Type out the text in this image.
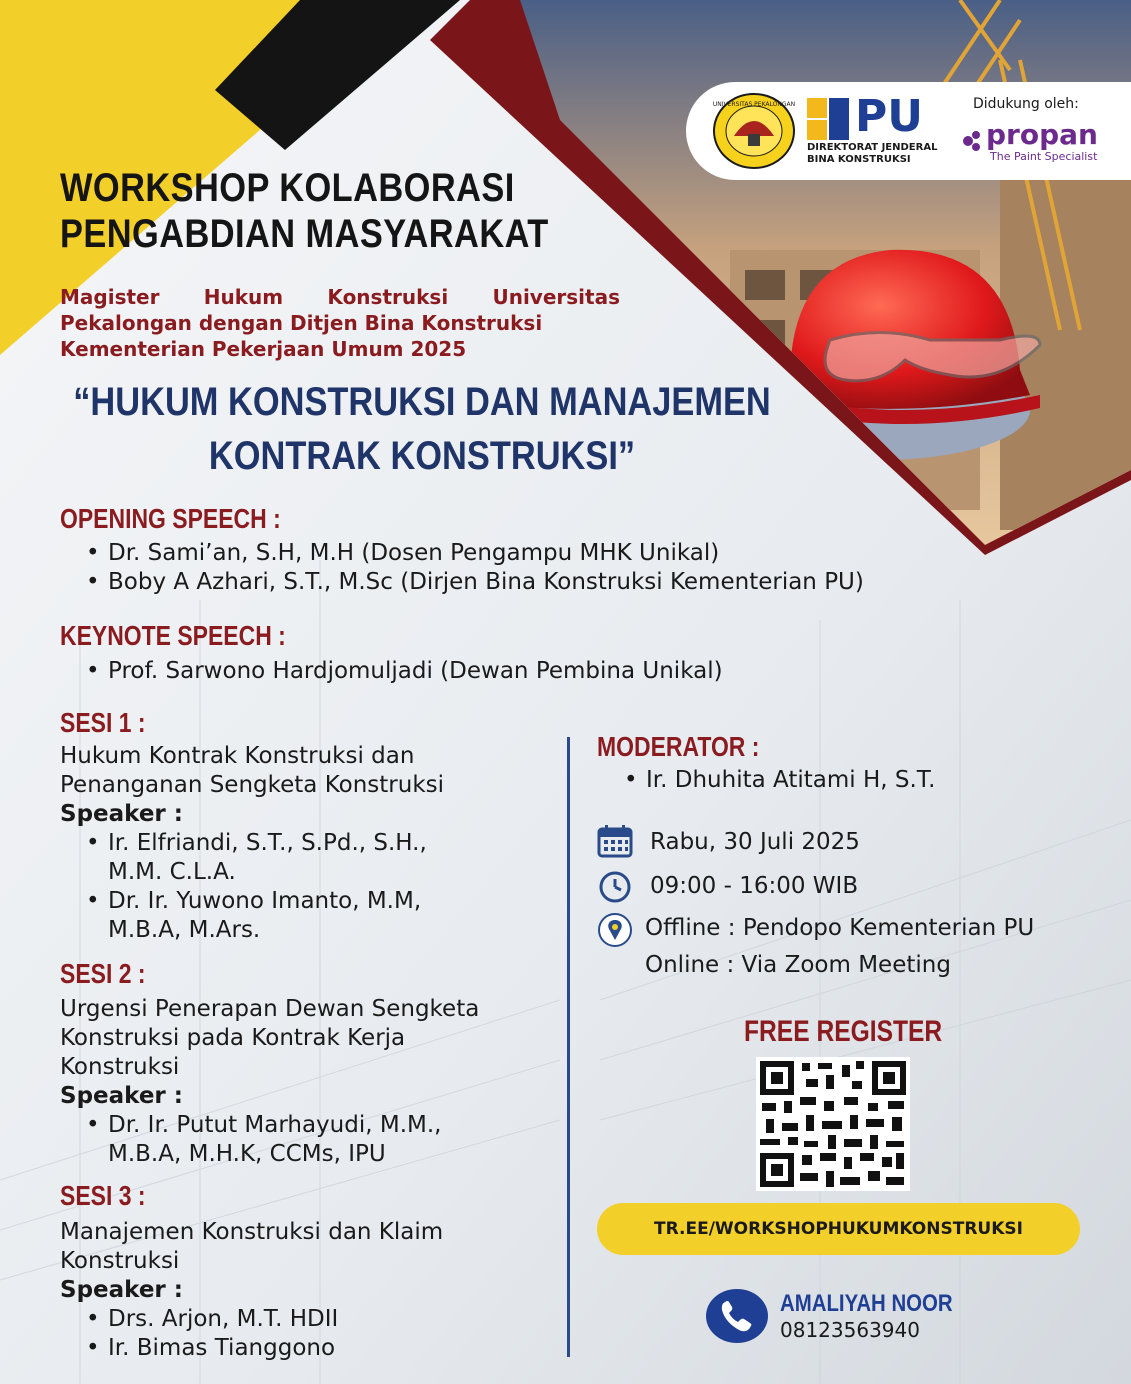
UNIVERSITAS PEKALONGAN PU
DIREKTORAT JENDERAL
BINA KONSTRUKSI
Didukung oleh:
propan
The Paint Specialist
WORKSHOP KOLABORASI
PENGABDIAN MASYARAKAT
Magister Hukum Konstruksi Universitas
Pekalongan dengan Ditjen Bina Konstruksi
Kementerian Pekerjaan Umum 2025
“HUKUM KONSTRUKSI DAN MANAJEMEN
KONTRAK KONSTRUKSI”
OPENING SPEECH :
• Dr. Sami’an, S.H, M.H (Dosen Pengampu MHK Unikal)
• Boby A Azhari, S.T., M.Sc (Dirjen Bina Konstruksi Kementerian PU)
KEYNOTE SPEECH :
• Prof. Sarwono Hardjomuljadi (Dewan Pembina Unikal)
SESI 1 :
Hukum Kontrak Konstruksi dan
Penanganan Sengketa Konstruksi
Speaker :
• Ir. Elfriandi, S.T., S.Pd., S.H.,
M.M. C.L.A.
• Dr. Ir. Yuwono Imanto, M.M,
M.B.A, M.Ars.
SESI 2 :
Urgensi Penerapan Dewan Sengketa
Konstruksi pada Kontrak Kerja
Konstruksi
Speaker :
• Dr. Ir. Putut Marhayudi, M.M.,
M.B.A, M.H.K, CCMs, IPU
SESI 3 :
Manajemen Konstruksi dan Klaim
Konstruksi
Speaker :
• Drs. Arjon, M.T. HDII
• Ir. Bimas Tianggono
MODERATOR :
• Ir. Dhuhita Atitami H, S.T.
Rabu, 30 Juli 2025
09:00 - 16:00 WIB
Offline : Pendopo Kementerian PU
Online : Via Zoom Meeting
FREE REGISTER
TR.EE/WORKSHOPHUKUMKONSTRUKSI
AMALIYAH NOOR
08123563940
